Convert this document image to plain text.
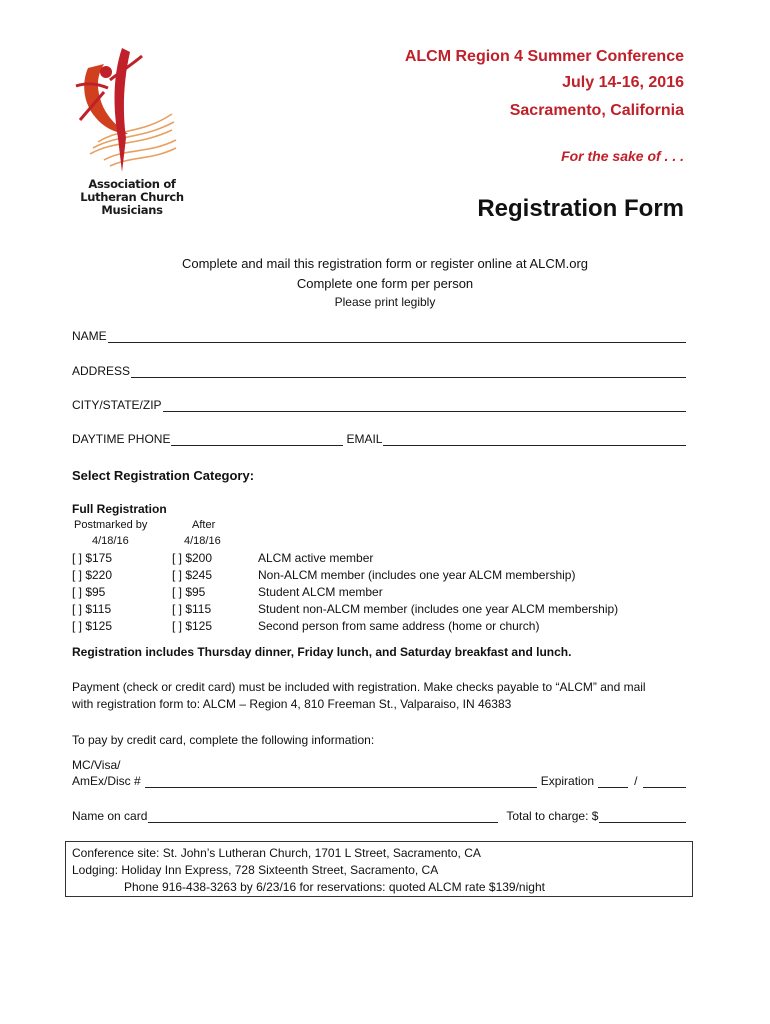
Association of
Lutheran Church
Musicians
ALCM Region 4 Summer Conference
July 14-16, 2016
Sacramento, California
For the sake of . . .
Registration Form
Complete and mail this registration form or register online at ALCM.org
Complete one form per person
Please print legibly
NAME
ADDRESS
CITY/STATE/ZIP
DAYTIME PHONE	EMAIL
Select Registration Category:
Full Registration
Postmarked by
4/18/16
After
4/18/16
[ ] $175	[ ] $200	ALCM active member
[ ] $220	[ ] $245	Non-ALCM member (includes one year ALCM membership)
[ ] $95	[ ] $95	Student ALCM member
[ ] $115	[ ] $115	Student non-ALCM member (includes one year ALCM membership)
[ ] $125	[ ] $125	Second person from same address (home or church)
Registration includes Thursday dinner, Friday lunch, and Saturday breakfast and lunch.
Payment (check or credit card) must be included with registration. Make checks payable to “ALCM” and mail
with registration form to: ALCM – Region 4, 810 Freeman St., Valparaiso, IN 46383
To pay by credit card, complete the following information:
MC/Visa/
AmEx/Disc #	Expiration	/
Name on card	Total to charge: $
Conference site: St. John’s Lutheran Church, 1701 L Street, Sacramento, CA
Lodging: Holiday Inn Express, 728 Sixteenth Street, Sacramento, CA
Phone 916-438-3263 by 6/23/16 for reservations: quoted ALCM rate $139/night
